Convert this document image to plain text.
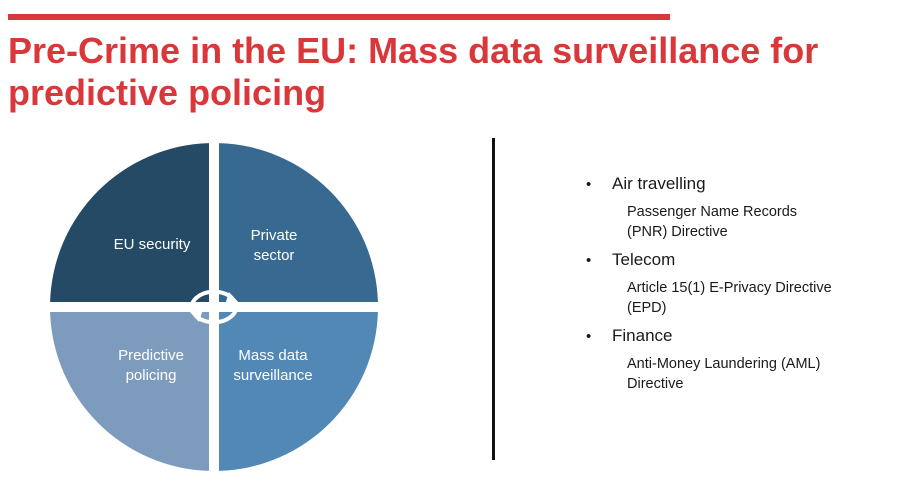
Pre-Crime in the EU: Mass data surveillance for predictive policing
EU security
Private sector
Mass data surveillance
Predictive policing
•	Air travelling
Passenger Name Records
(PNR) Directive
•	Telecom
Article 15(1) E-Privacy Directive
(EPD)
•	Finance
Anti-Money Laundering (AML)
Directive
